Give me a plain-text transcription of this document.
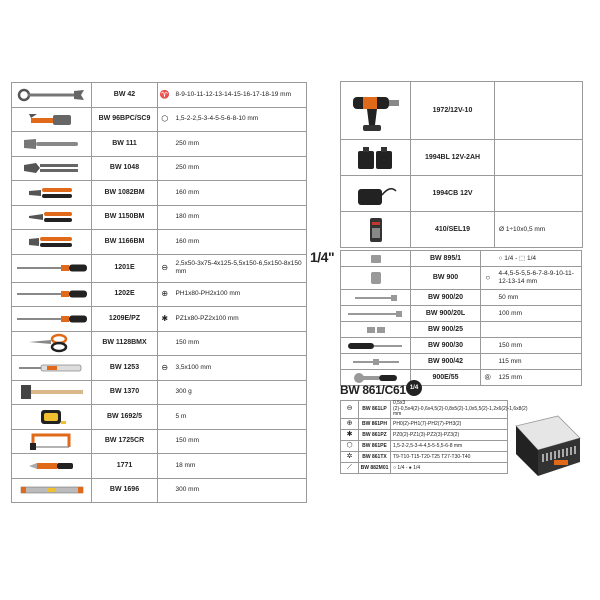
	BW 42	♈	8-9-10-11-12-13-14-15-16-17-18-19 mm

	BW 96BPC/SC9	⬡	1,5-2-2,5-3-4-5-5-6-8-10 mm

	BW 111		250 mm

	BW 1048		250 mm

	BW 1082BM		160 mm

	BW 1150BM		180 mm

	BW 1166BM		160 mm

	1201E	⊖	2,5x50-3x75-4x125-5,5x150-6,5x150-8x150 mm

	1202E	⊕	PH1x80-PH2x100 mm

	1209E/PZ	✱	PZ1x80-PZ2x100 mm

	BW 1128BMX		150 mm

	BW 1253	⊖	3,5x100 mm

	BW 1370		300 g

	BW 1692/5		5 m

	BW 1725CR		150 mm

	1771		18 mm

	BW 1696		300 mm
	1972/12V-10	

	1994BL 12V-2AH	

	1994CB 12V	

	410/SEL19	Ø 1÷10x0,5 mm
1/4"
		BW 895/1		○ 1/4 - ⬚ 1/4

	BW 900	○	4-4,5-5-5,5-6-7-8-9-10-11-12-13-14 mm

	BW 900/20		50 mm

	BW 900/20L		100 mm

	BW 900/25		

	BW 900/30		150 mm

	BW 900/42		115 mm

	900E/55	®	125 mm
BW 861/C61 1/4
⊖	BW 861LP	0,5x3 (2)-0,5x4(2)-0,6x4,5(2)-0,8x5(2)-1,0x5,5(2)-1,2x6(2)-1,6x8(2) mm
⊕	BW 861PH	PH0(2)-PH1(7)-PH2(7)-PH3(2)
✱	BW 861PZ	PZ0(2)-PZ1(3)-PZ2(3)-PZ3(2)
⬡	BW 861PE	1,5-2-2,5-3-4-4,5-5-5,5-6-8 mm
✲	BW 861TX	T9-T10-T15-T20-T25 T27-T30-T40
⟋	BW 882M01	○ 1/4 - ● 1/4
